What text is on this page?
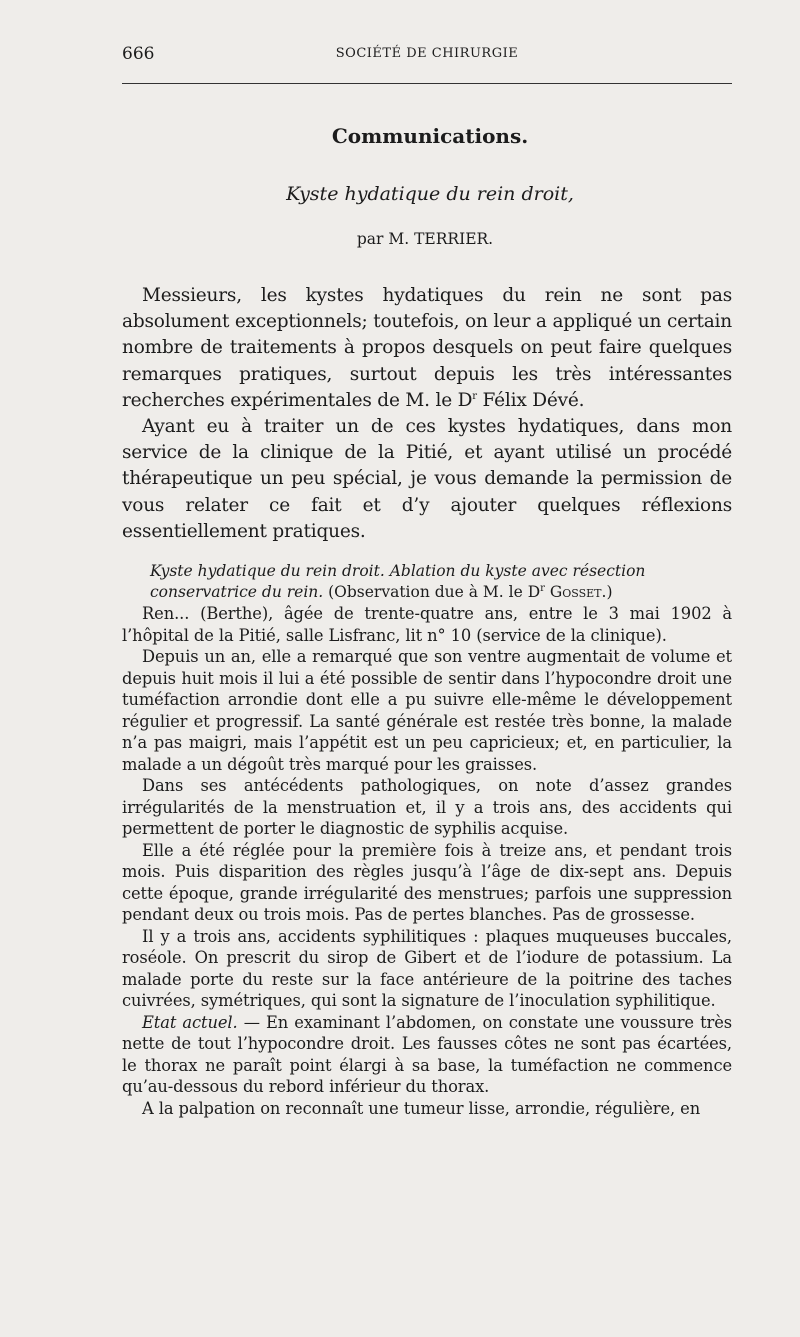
666	SOCIÉTÉ DE CHIRURGIE
Communications.
Kyste hydatique du rein droit,
par M. TERRIER.

Messieurs, les kystes hydatiques du rein ne sont pas absolument exceptionnels; toutefois, on leur a appliqué un certain nombre de traitements à propos desquels on peut faire quelques remarques pratiques, surtout depuis les très intéressantes recherches expérimentales de M. le $D^r$ Félix Dévé.

Ayant eu à traiter un de ces kystes hydatiques, dans mon service de la clinique de la Pitié, et ayant utilisé un procédé thérapeutique un peu spécial, je vous demande la permission de vous relater ce fait et d’y ajouter quelques réflexions essentiellement pratiques.

Kyste hydatique du rein droit. Ablation du kyste avec résection conservatrice du rein. (Observation due à M. le $D^r$ Gosset.)

Ren... (Berthe), âgée de trente-quatre ans, entre le 3 mai 1902 à l’hôpital de la Pitié, salle Lisfranc, lit n° 10 (service de la clinique).

Depuis un an, elle a remarqué que son ventre augmentait de volume et depuis huit mois il lui a été possible de sentir dans l’hypocondre droit une tuméfaction arrondie dont elle a pu suivre elle-même le développement régulier et progressif. La santé générale est restée très bonne, la malade n’a pas maigri, mais l’appétit est un peu capricieux; et, en particulier, la malade a un dégoût très marqué pour les graisses.

Dans ses antécédents pathologiques, on note d’assez grandes irrégularités de la menstruation et, il y a trois ans, des accidents qui permettent de porter le diagnostic de syphilis acquise.

Elle a été réglée pour la première fois à treize ans, et pendant trois mois. Puis disparition des règles jusqu’à l’âge de dix-sept ans. Depuis cette époque, grande irrégularité des menstrues; parfois une suppression pendant deux ou trois mois. Pas de pertes blanches. Pas de grossesse.

Il y a trois ans, accidents syphilitiques : plaques muqueuses buccales, roséole. On prescrit du sirop de Gibert et de l’iodure de potassium. La malade porte du reste sur la face antérieure de la poitrine des taches cuivrées, symétriques, qui sont la signature de l’inoculation syphilitique.

Etat actuel. — En examinant l’abdomen, on constate une voussure très nette de tout l’hypocondre droit. Les fausses côtes ne sont pas écartées, le thorax ne paraît point élargi à sa base, la tuméfaction ne commence qu’au-dessous du rebord inférieur du thorax.

A la palpation on reconnaît une tumeur lisse, arrondie, régulière, en
